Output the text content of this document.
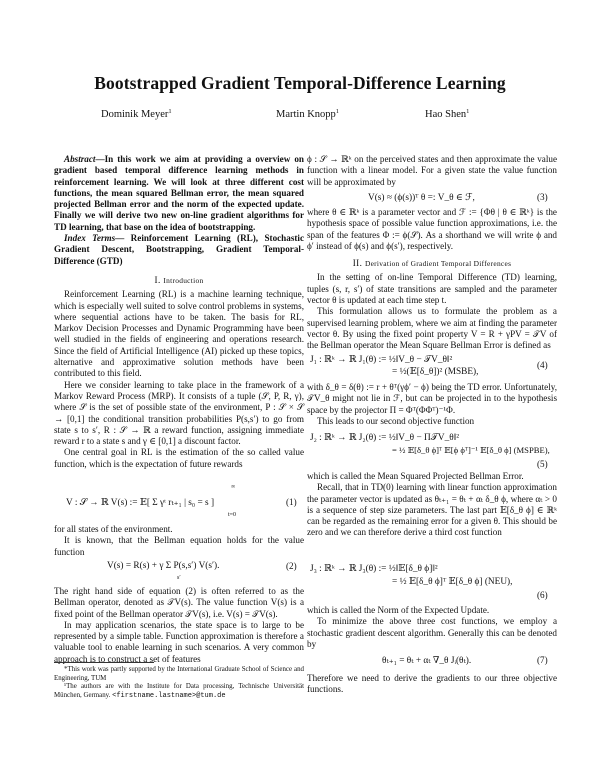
Bootstrapped Gradient Temporal-Difference Learning
Dominik Meyer$^1$	Martin Knopp$^1$	Hao Shen$^1$

Abstract—In this work we aim at providing a overview on gradient based temporal difference learning methods in reinforcement learning. We will look at three different cost functions, the mean squared Bellman error, the mean squared projected Bellman error and the norm of the expected update. Finally we will derive two new on-line gradient algorithms for TD learning, that base on the idea of bootstrapping.

Index Terms— Reinforcement Learning (RL), Stochastic Gradient Descent, Bootstrapping, Gradient Temporal-Difference (GTD)

I. Introduction

Reinforcement Learning (RL) is a machine learning technique, which is especially well suited to solve control problems in systems, where sequential actions have to be taken. The basis for RL, Markov Decision Processes and Dynamic Programming have been well studied in the fields of engineering and operations research. Since the field of Artificial Intelligence (AI) picked up these topics, alternative and approximative solution methods have been contributed to this field.

Here we consider learning to take place in the framework of a Markov Reward Process (MRP). It consists of a tuple (𝒮, P, R, γ), where 𝒮 is the set of possible state of the environment, P : 𝒮 × 𝒮 → [0,1] the conditional transition probabilities P(s,s′) to go from state s to s′, R : 𝒮 → ℝ a reward function, assigning immediate reward r to a state s and γ ∈ [0,1] a discount factor.

One central goal in RL is the estimation of the so called value function, which is the expectation of future rewards

V : 𝒮 → ℝ V(s) := 𝔼[ Σ γᵗ rₜ₊₁ | s₀ = s ]
∞
t=0
(1)

for all states of the environment.

It is known, that the Bellman equation holds for the value function

V(s) = R(s) + γ Σ P(s,s′) V(s′).
s′
(2)

The right hand side of equation (2) is often referred to as the Bellman operator, denoted as 𝒯V(s). The value function V(s) is a fixed point of the Bellman operator 𝒯V(s), i.e. V(s) = 𝒯V(s).

In may application scenarios, the state space is to large to be represented by a simple table. Function approximation is therefore a valuable tool to enable learning in such scenarios. A very common approach is to construct a set of features

*This work was partly supported by the International Graduate School of Science and Engineering, TUM

¹The authors are with the Institute for Data processing, Technische Universität München, Germany. <firstname.lastname>@tum.de

ϕ : 𝒮 → ℝᵏ on the perceived states and then approximate the value function with a linear model. For a given state the value function will be approximated by

V(s) ≈ (ϕ(s))ᵀ θ =: V_θ ∈ ℱ,	(3)

where θ ∈ ℝᵏ is a parameter vector and ℱ := {Φθ | θ ∈ ℝᵏ} is the hypothesis space of possible value function approximations, i.e. the span of the features Φ := ϕ(𝒮). As a shorthand we will write ϕ and ϕ′ instead of ϕ(s) and ϕ(s′), respectively.

II. Derivation of Gradient Temporal Differences

In the setting of on-line Temporal Difference (TD) learning, tuples (s, r, s′) of state transitions are sampled and the parameter vector θ is updated at each time step t.

This formulation allows us to formulate the problem as a supervised learning problem, where we aim at finding the parameter vector θ. By using the fixed point property V = R + γPV = 𝒯V of the Bellman operator the Mean Square Bellman Error is defined as

J₁ : ℝᵏ → ℝ J₁(θ) := ½‖V_θ − 𝒯V_θ‖²
= ½(𝔼[δ_θ])² (MSBE),
(4)

with δ_θ = δ(θ) := r + θᵀ(γϕ′ − ϕ) being the TD error. Unfortunately, 𝒯V_θ might not lie in ℱ, but can be projected in to the hypothesis space by the projector Π = Φᵀ(ΦΦᵀ)⁻¹Φ.

This leads to our second objective function

J₂ : ℝᵏ → ℝ J₂(θ) := ½‖V_θ − Π𝒯V_θ‖²
= ½ 𝔼[δ_θ ϕ]ᵀ 𝔼[ϕ ϕᵀ]⁻¹ 𝔼[δ_θ ϕ] (MSPBE),
(5)

which is called the Mean Squared Projected Bellman Error.

Recall, that in TD(0) learning with linear function approximation the parameter vector is updated as θₜ₊₁ = θₜ + αₜ δ_θ ϕ, where αₜ > 0 is a sequence of step size parameters. The last part 𝔼[δ_θ ϕ] ∈ ℝᵏ can be regarded as the remaining error for a given θ. This should be zero and we can therefore derive a third cost function

J₃ : ℝᵏ → ℝ J₃(θ) := ½‖𝔼[δ_θ ϕ]‖²
= ½ 𝔼[δ_θ ϕ]ᵀ 𝔼[δ_θ ϕ] (NEU),
(6)

which is called the Norm of the Expected Update.

To minimize the above three cost functions, we employ a stochastic gradient descent algorithm. Generally this can be denoted by

θₜ₊₁ = θₜ + αₜ ∇_θ Jᵢ(θₜ).	(7)

Therefore we need to derive the gradients to our three objective functions.
